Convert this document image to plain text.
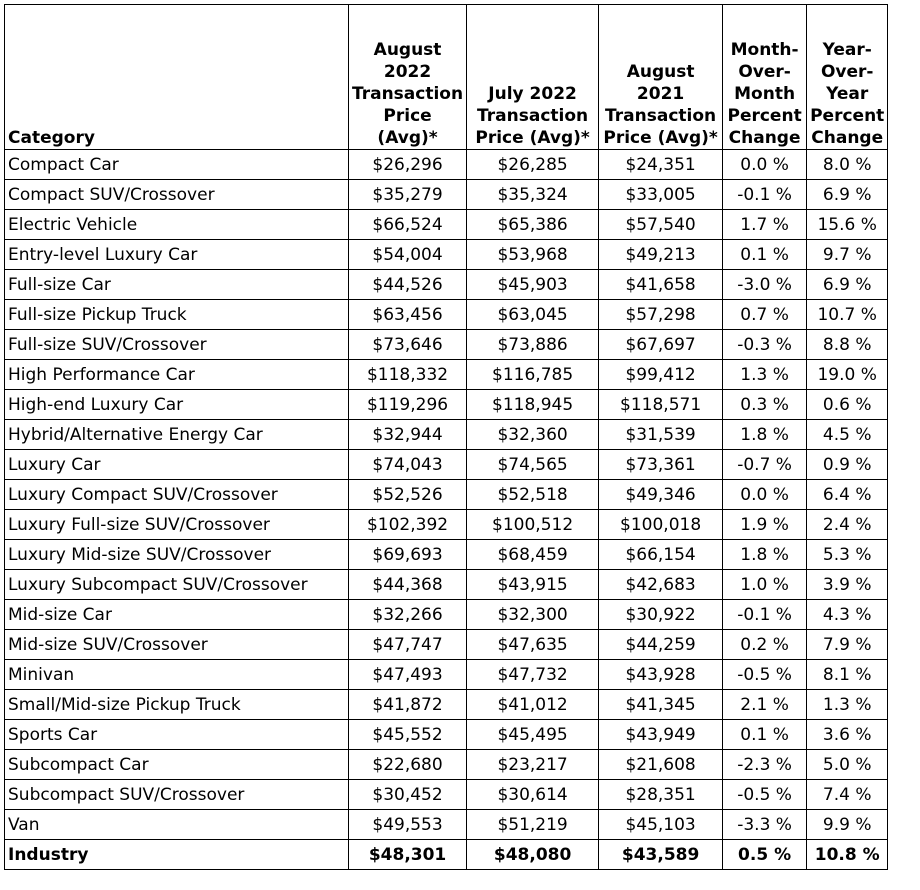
Category	August
2022
Transaction
Price
(Avg)*	July 2022
Transaction
Price (Avg)*	August
2021
Transaction
Price (Avg)*	Month-
Over-
Month
Percent
Change	Year-
Over-
Year
Percent
Change

Compact Car	$26,296	$26,285	$24,351	0.0 %	8.0 %
Compact SUV/Crossover	$35,279	$35,324	$33,005	-0.1 %	6.9 %
Electric Vehicle	$66,524	$65,386	$57,540	1.7 %	15.6 %
Entry-level Luxury Car	$54,004	$53,968	$49,213	0.1 %	9.7 %
Full-size Car	$44,526	$45,903	$41,658	-3.0 %	6.9 %
Full-size Pickup Truck	$63,456	$63,045	$57,298	0.7 %	10.7 %
Full-size SUV/Crossover	$73,646	$73,886	$67,697	-0.3 %	8.8 %
High Performance Car	$118,332	$116,785	$99,412	1.3 %	19.0 %
High-end Luxury Car	$119,296	$118,945	$118,571	0.3 %	0.6 %
Hybrid/Alternative Energy Car	$32,944	$32,360	$31,539	1.8 %	4.5 %
Luxury Car	$74,043	$74,565	$73,361	-0.7 %	0.9 %
Luxury Compact SUV/Crossover	$52,526	$52,518	$49,346	0.0 %	6.4 %
Luxury Full-size SUV/Crossover	$102,392	$100,512	$100,018	1.9 %	2.4 %
Luxury Mid-size SUV/Crossover	$69,693	$68,459	$66,154	1.8 %	5.3 %
Luxury Subcompact SUV/Crossover	$44,368	$43,915	$42,683	1.0 %	3.9 %
Mid-size Car	$32,266	$32,300	$30,922	-0.1 %	4.3 %
Mid-size SUV/Crossover	$47,747	$47,635	$44,259	0.2 %	7.9 %
Minivan	$47,493	$47,732	$43,928	-0.5 %	8.1 %
Small/Mid-size Pickup Truck	$41,872	$41,012	$41,345	2.1 %	1.3 %
Sports Car	$45,552	$45,495	$43,949	0.1 %	3.6 %
Subcompact Car	$22,680	$23,217	$21,608	-2.3 %	5.0 %
Subcompact SUV/Crossover	$30,452	$30,614	$28,351	-0.5 %	7.4 %
Van	$49,553	$51,219	$45,103	-3.3 %	9.9 %
Industry	$48,301	$48,080	$43,589	0.5 %	10.8 %
